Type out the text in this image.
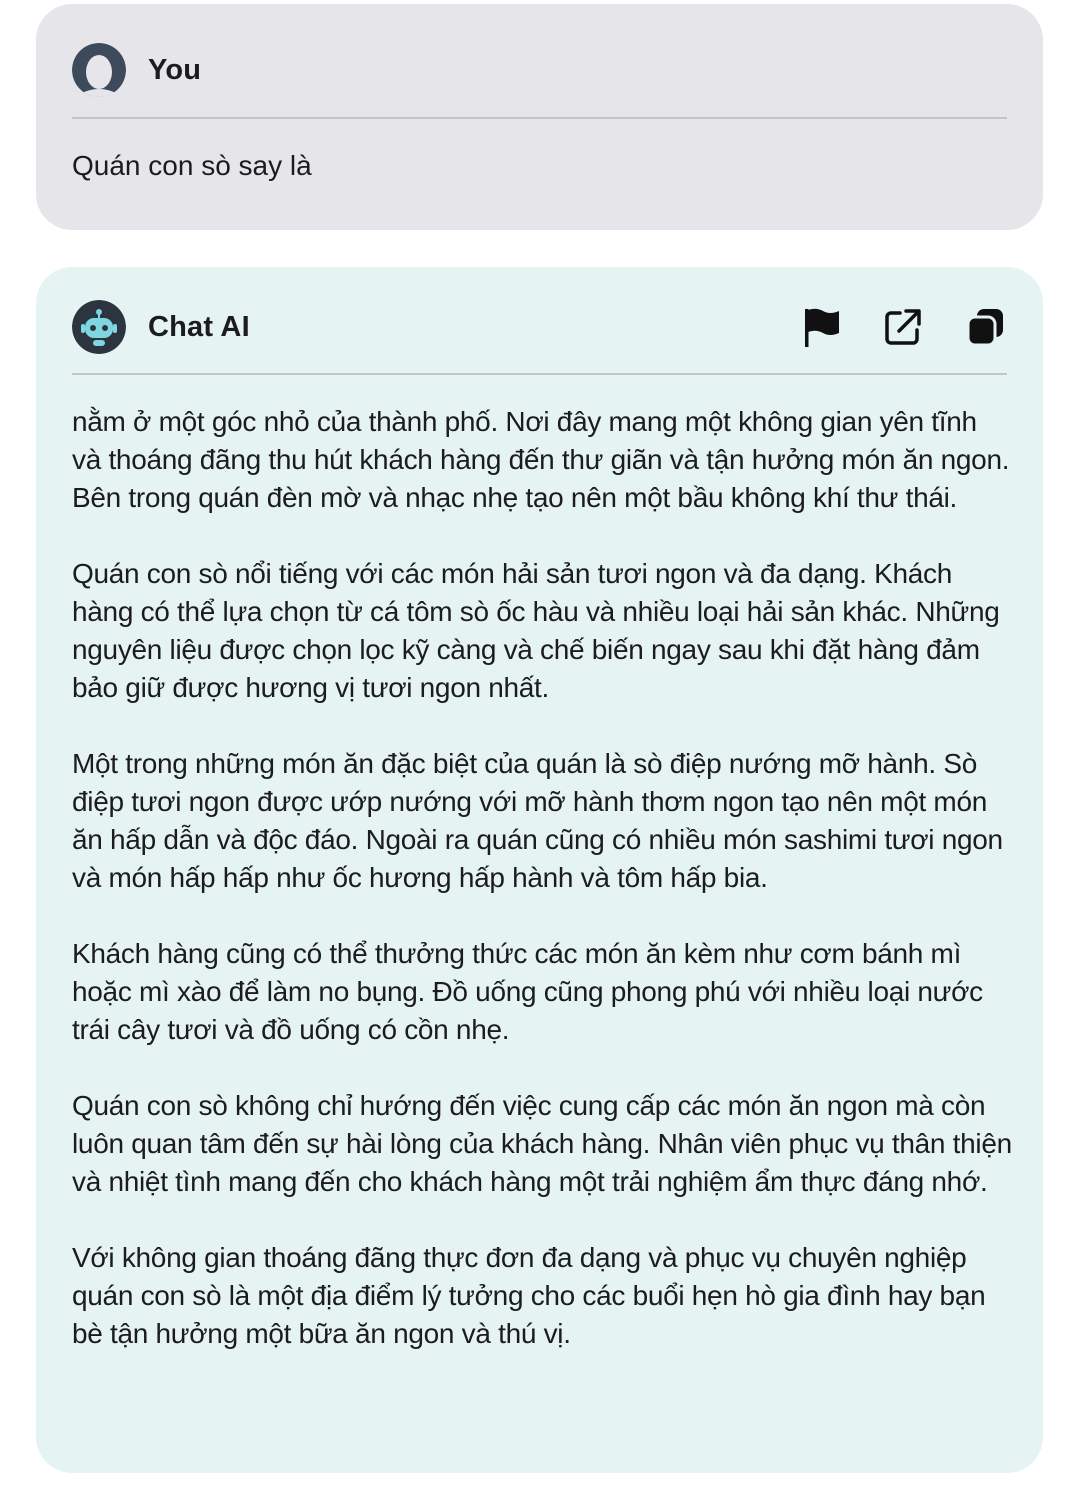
You
Quán con sò say là
Chat AI

nằm ở một góc nhỏ của thành phố. Nơi đây mang một không gian yên tĩnh và thoáng đãng thu hút khách hàng đến thư giãn và tận hưởng món ăn ngon. Bên trong quán đèn mờ và nhạc nhẹ tạo nên một bầu không khí thư thái.

Quán con sò nổi tiếng với các món hải sản tươi ngon và đa dạng. Khách hàng có thể lựa chọn từ cá tôm sò ốc hàu và nhiều loại hải sản khác. Những nguyên liệu được chọn lọc kỹ càng và chế biến ngay sau khi đặt hàng đảm bảo giữ được hương vị tươi ngon nhất.

Một trong những món ăn đặc biệt của quán là sò điệp nướng mỡ hành. Sò điệp tươi ngon được ướp nướng với mỡ hành thơm ngon tạo nên một món ăn hấp dẫn và độc đáo. Ngoài ra quán cũng có nhiều món sashimi tươi ngon và món hấp hấp như ốc hương hấp hành và tôm hấp bia.

Khách hàng cũng có thể thưởng thức các món ăn kèm như cơm bánh mì hoặc mì xào để làm no bụng. Đồ uống cũng phong phú với nhiều loại nước trái cây tươi và đồ uống có cồn nhẹ.

Quán con sò không chỉ hướng đến việc cung cấp các món ăn ngon mà còn luôn quan tâm đến sự hài lòng của khách hàng. Nhân viên phục vụ thân thiện và nhiệt tình mang đến cho khách hàng một trải nghiệm ẩm thực đáng nhớ.

Với không gian thoáng đãng thực đơn đa dạng và phục vụ chuyên nghiệp quán con sò là một địa điểm lý tưởng cho các buổi hẹn hò gia đình hay bạn bè tận hưởng một bữa ăn ngon và thú vị.
